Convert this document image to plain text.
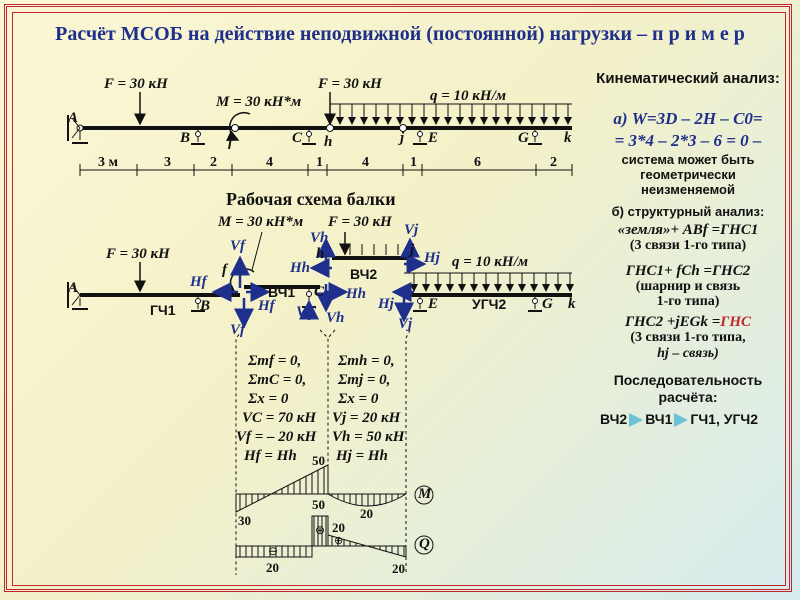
Расчёт МСОБ на действие неподвижной (постоянной) нагрузки – п р и м е р
F = 30 кН	F = 30 кН
M = 30 кН*м	q = 10 кН/м
A
B	f	C h	j E	G k
3 м	3	2	4	1	4	1	6	2
Рабочая схема балки
M = 30 кН*м F = 30 кН
F = 30 кН	q = 10 кН/м
Vf
Vf
Hf
Hf
Vh
Vh
Hh
Hh
VC
Vj
Vj
Hj
Hj
A
B
f
C
h	j
E	G k
ГЧ1
ВЧ1
ВЧ2
УГЧ2
Σmf = 0,
ΣmC = 0,
Σx = 0
VC = 70 кН
Vf = – 20 кН
Hf = Hh
Σmh = 0,
Σmj = 0,
Σx = 0
Vj = 20 кН
Vh = 50 кН
Hj = Hh
M
Q
50
50
30	20
20
20
20
⊖
⊕
⊕
Кинематический анализ:
а) W=3D – 2H – C0=
= 3*4 – 2*3 – 6 = 0 –
система может быть геометрически неизменяемой
б) структурный анализ:
«земля»+ ABf =ГНС1
(3 связи 1-го типа)
ГНС1+ fCh =ГНС2
(шарнир и связь
1-го типа)
ГНС2 +jEGk =ГНС
(3 связи 1-го типа,
hj – связь)
Последовательность расчёта:
ВЧ2 ВЧ1 ГЧ1, УГЧ2
